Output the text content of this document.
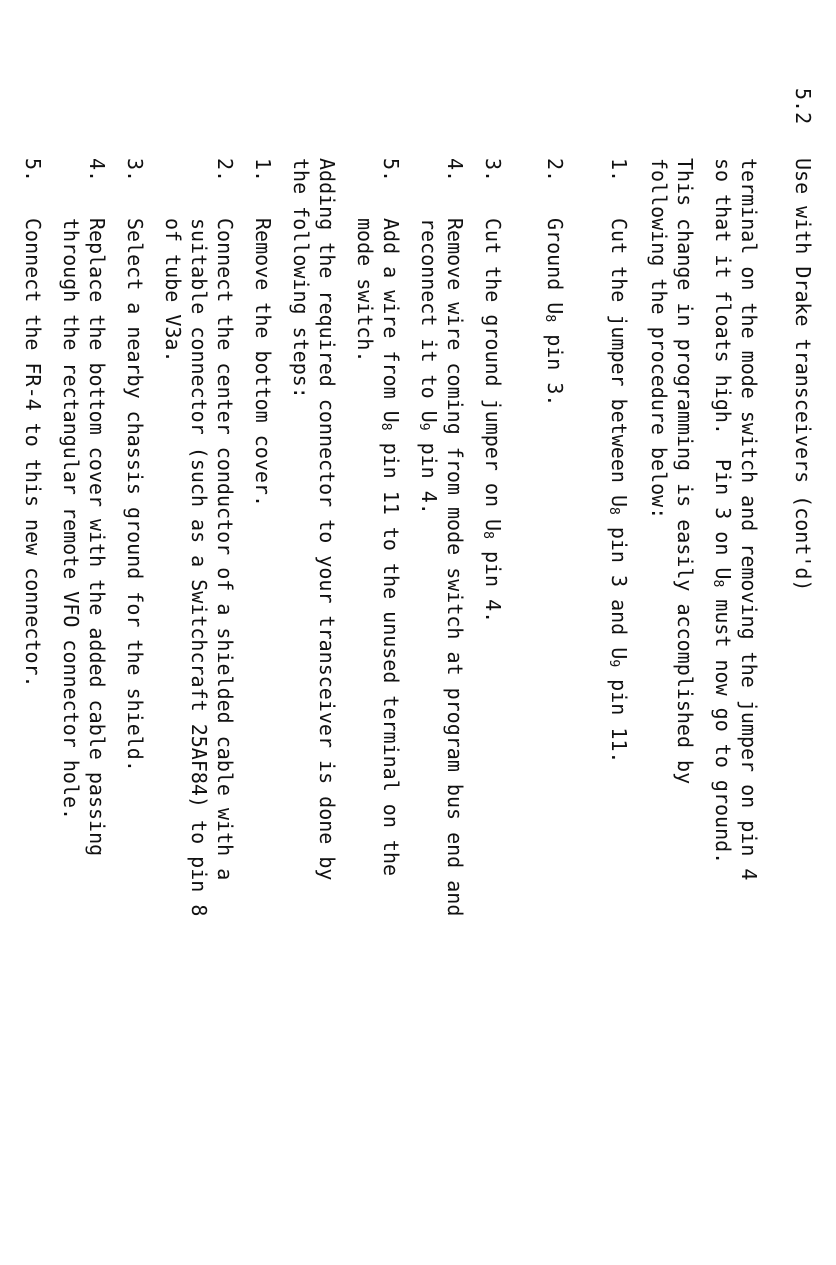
5.2
Use with Drake transceivers (cont'd)
terminal on the mode switch and removing the jumper on pin 4
so that it floats high.  Pin 3 on $U_8$ must now go to ground.
This change in programming is easily accomplished by
following the procedure below:
1.
Cut the jumper between $U_8$ pin 3 and $U_9$ pin 11.
2.
Ground $U_8$ pin 3.
3.
Cut the ground jumper on $U_8$ pin 4.
4.
Remove wire coming from mode switch at program bus end and
reconnect it to $U_9$ pin 4.
5.
Add a wire from $U_8$ pin 11 to the unused terminal on the
mode switch.
Adding the required connector to your transceiver is done by
the following steps:
1.
Remove the bottom cover.
2.
Connect the center conductor of a shielded cable with a
suitable connector (such as a Switchcraft 25AF84) to pin 8
of tube V3a.
3.
Select a nearby chassis ground for the shield.
4.
Replace the bottom cover with the added cable passing
through the rectangular remote VFO connector hole.
5.
Connect the FR-4 to this new connector.
